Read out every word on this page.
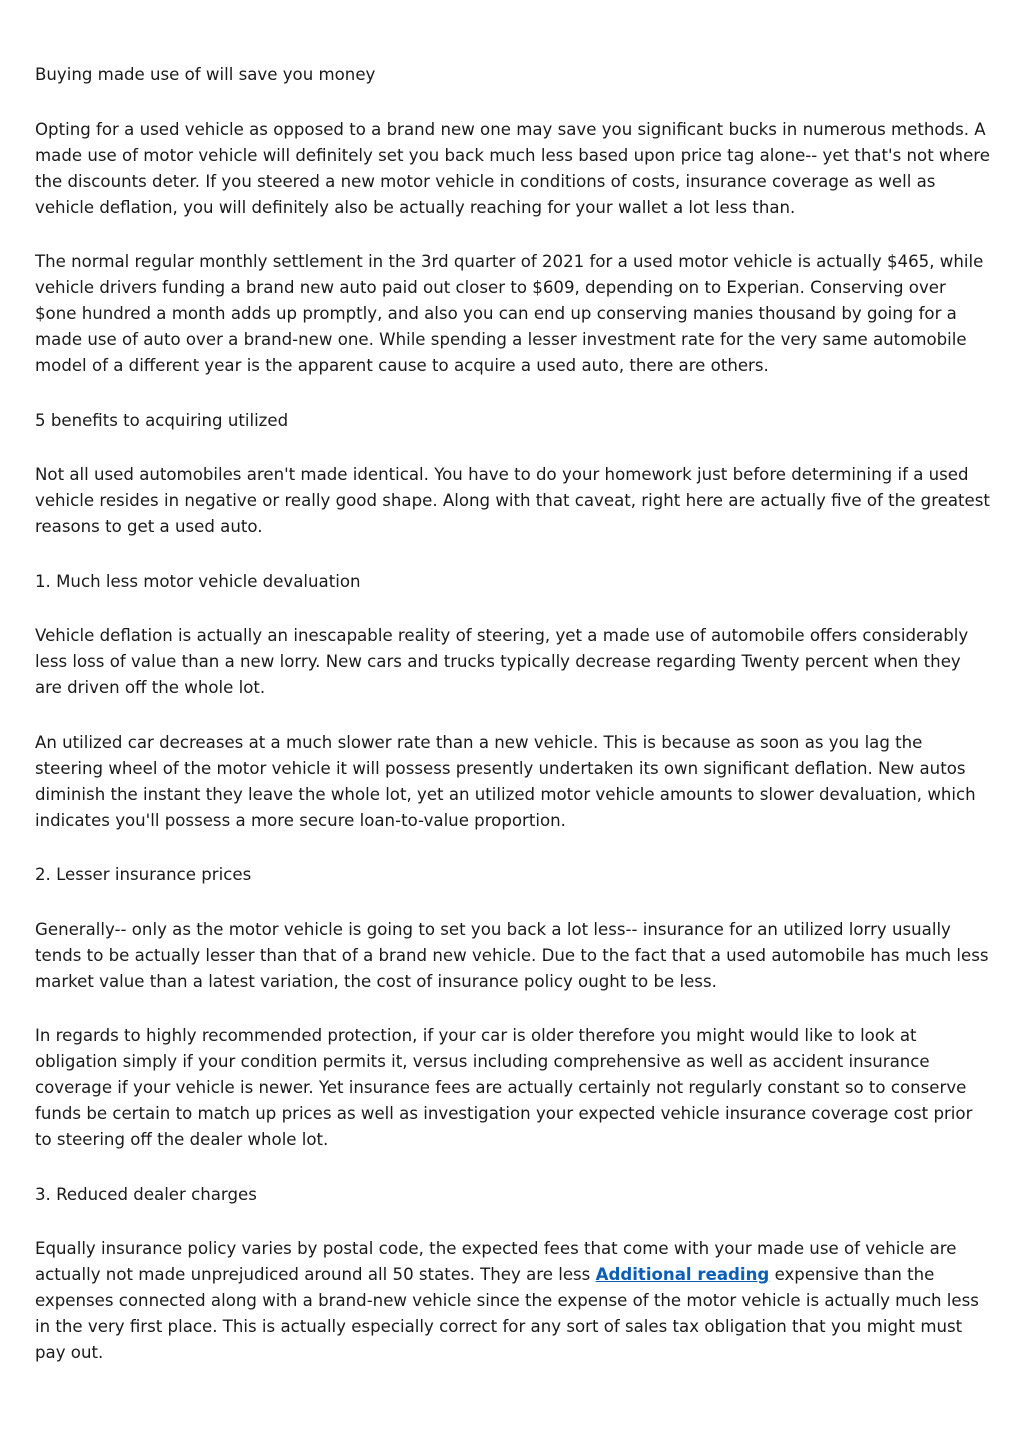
Buying made use of will save you money

Opting for a used vehicle as opposed to a brand new one may save you significant bucks in numerous methods. A made use of motor vehicle will definitely set you back much less based upon price tag alone-- yet that's not where the discounts deter. If you steered a new motor vehicle in conditions of costs, insurance coverage as well as vehicle deflation, you will definitely also be actually reaching for your wallet a lot less than.

The normal regular monthly settlement in the 3rd quarter of 2021 for a used motor vehicle is actually $465, while vehicle drivers funding a brand new auto paid out closer to $609, depending on to Experian. Conserving over $one hundred a month adds up promptly, and also you can end up conserving manies thousand by going for a made use of auto over a brand-new one. While spending a lesser investment rate for the very same automobile model of a different year is the apparent cause to acquire a used auto, there are others.

5 benefits to acquiring utilized

Not all used automobiles aren't made identical. You have to do your homework just before determining if a used vehicle resides in negative or really good shape. Along with that caveat, right here are actually five of the greatest reasons to get a used auto.

1. Much less motor vehicle devaluation

Vehicle deflation is actually an inescapable reality of steering, yet a made use of automobile offers considerably less loss of value than a new lorry. New cars and trucks typically decrease regarding Twenty percent when they are driven off the whole lot.

An utilized car decreases at a much slower rate than a new vehicle. This is because as soon as you lag the steering wheel of the motor vehicle it will possess presently undertaken its own significant deflation. New autos diminish the instant they leave the whole lot, yet an utilized motor vehicle amounts to slower devaluation, which indicates you'll possess a more secure loan-to-value proportion.

2. Lesser insurance prices

Generally-- only as the motor vehicle is going to set you back a lot less-- insurance for an utilized lorry usually tends to be actually lesser than that of a brand new vehicle. Due to the fact that a used automobile has much less market value than a latest variation, the cost of insurance policy ought to be less.

In regards to highly recommended protection, if your car is older therefore you might would like to look at obligation simply if your condition permits it, versus including comprehensive as well as accident insurance coverage if your vehicle is newer. Yet insurance fees are actually certainly not regularly constant so to conserve funds be certain to match up prices as well as investigation your expected vehicle insurance coverage cost prior to steering off the dealer whole lot.

3. Reduced dealer charges

Equally insurance policy varies by postal code, the expected fees that come with your made use of vehicle are actually not made unprejudiced around all 50 states. They are less Additional reading expensive than the expenses connected along with a brand-new vehicle since the expense of the motor vehicle is actually much less in the very first place. This is actually especially correct for any sort of sales tax obligation that you might must pay out.
